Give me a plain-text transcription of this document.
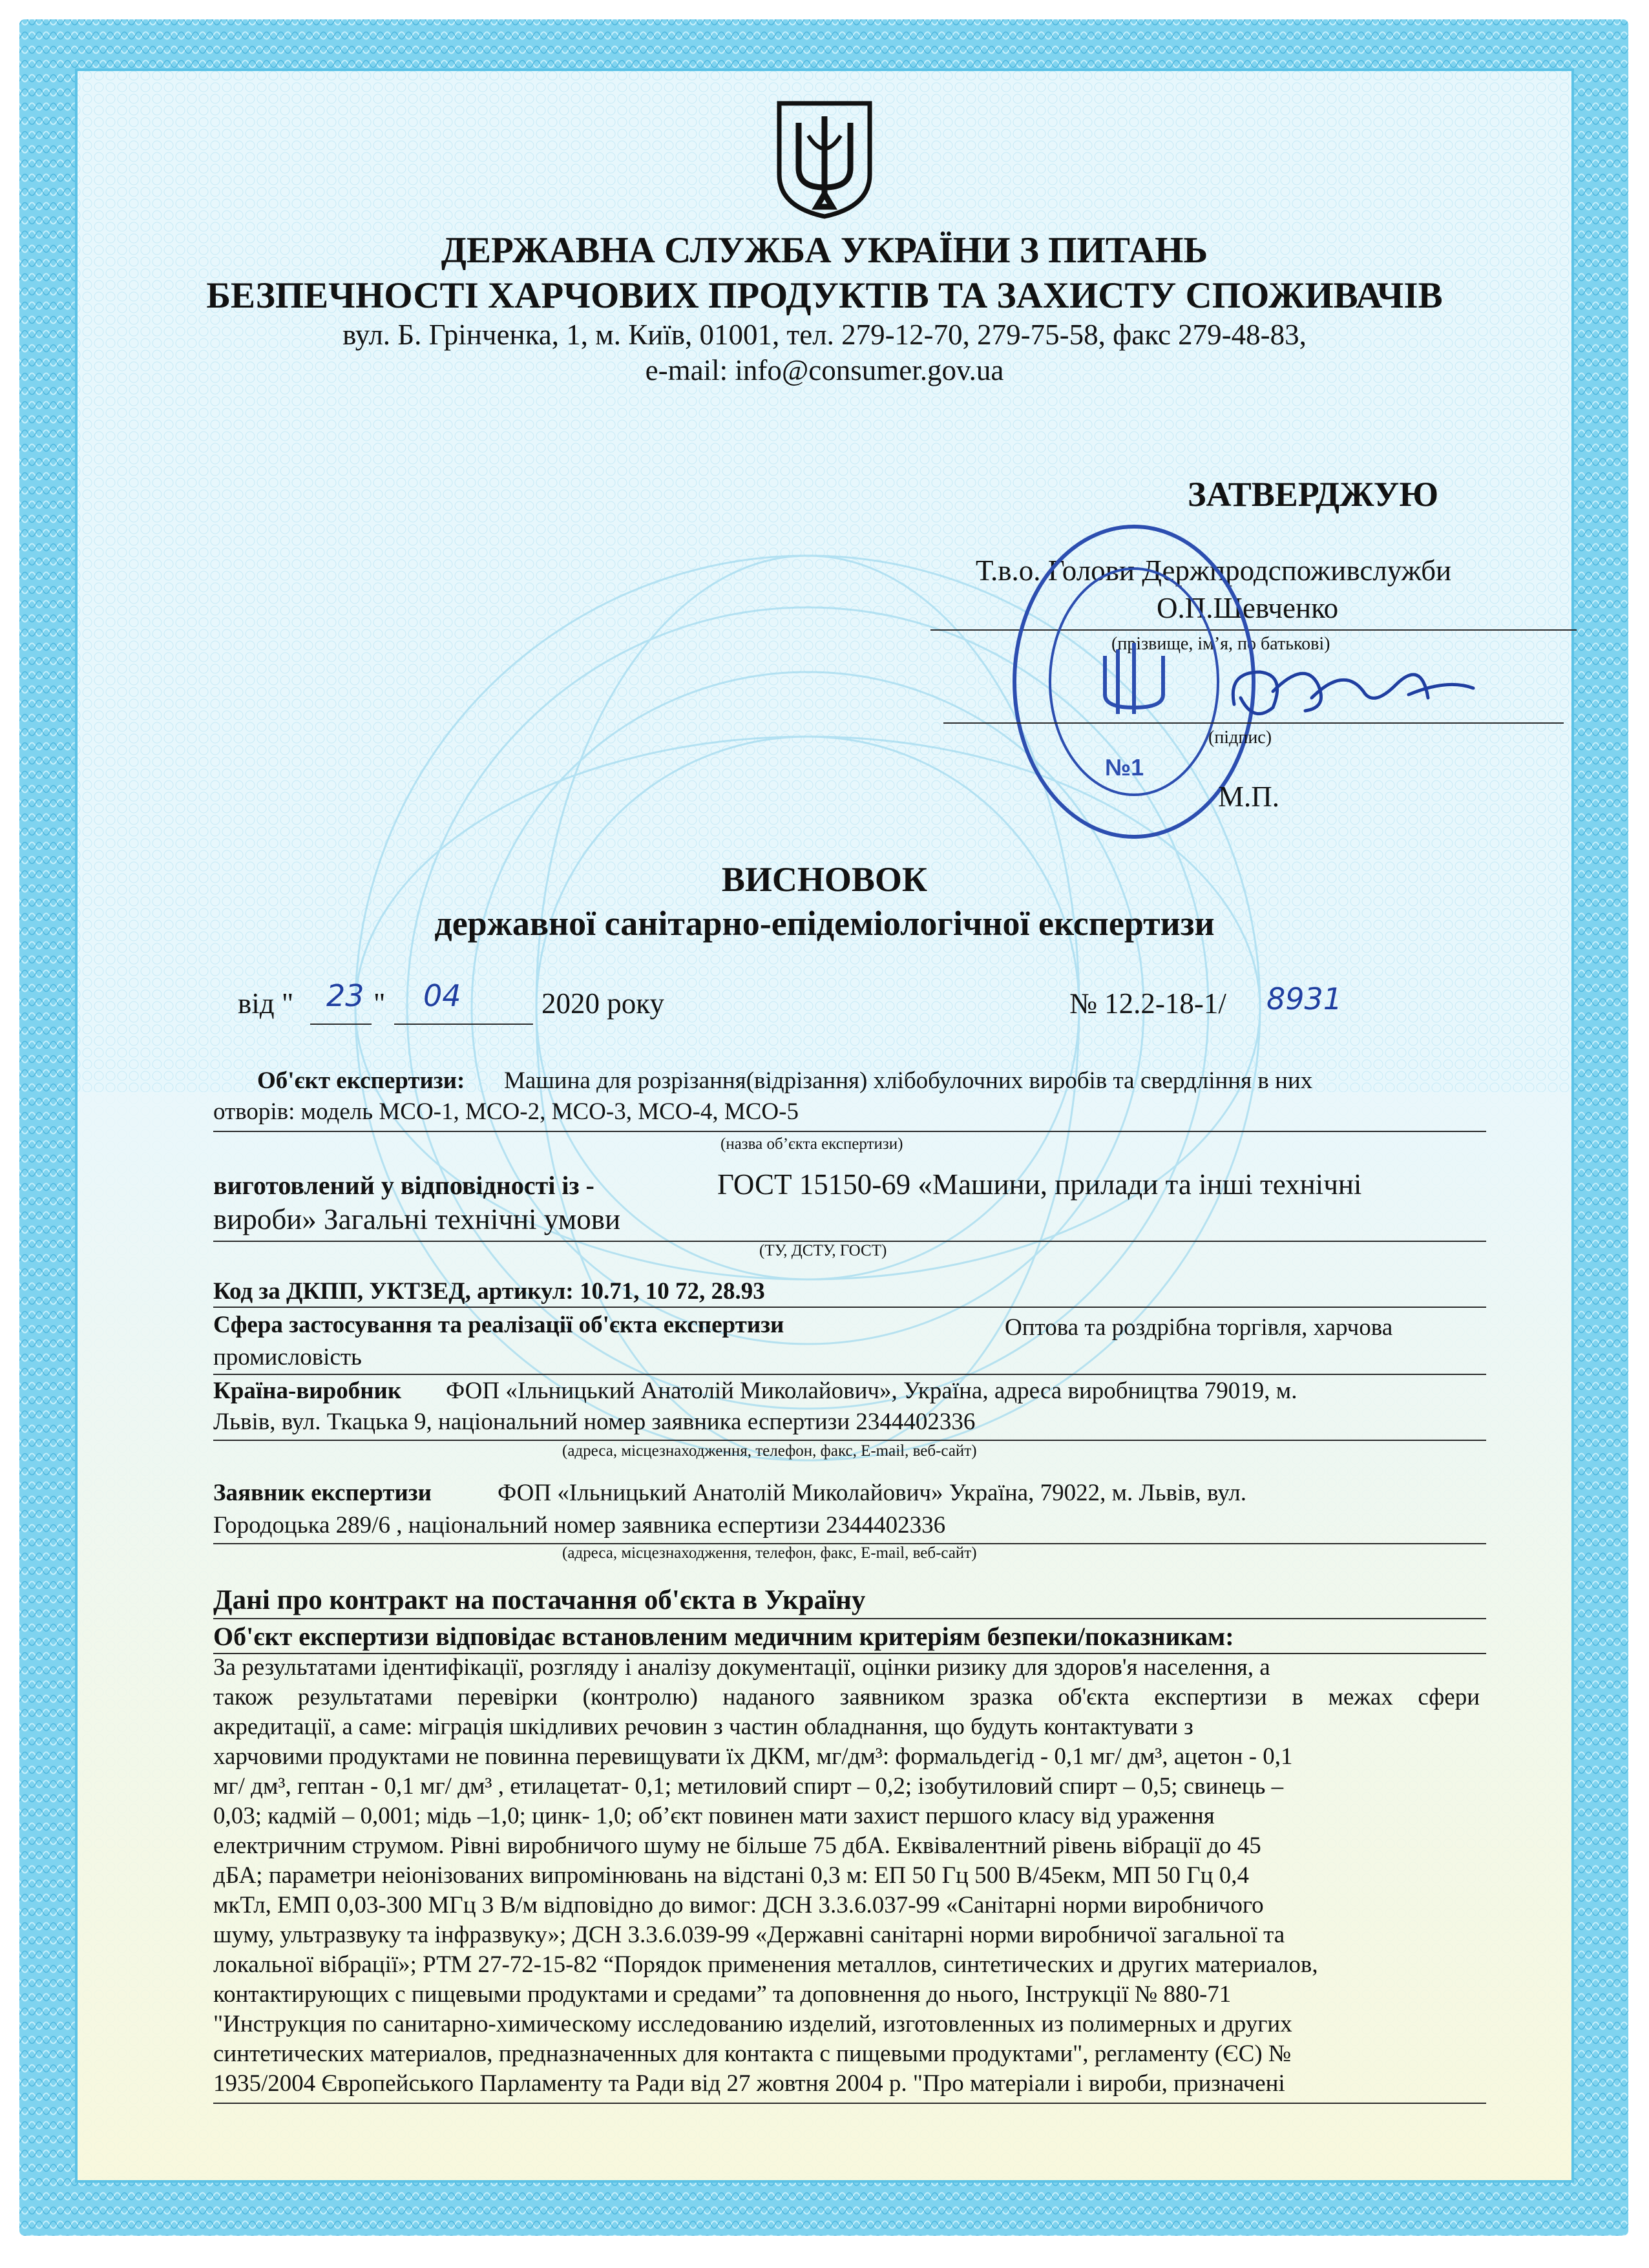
ДЕРЖАВНА СЛУЖБА УКРАЇНИ З ПИТАНЬ
БЕЗПЕЧНОСТІ ХАРЧОВИХ ПРОДУКТІВ ТА ЗАХИСТУ СПОЖИВАЧІВ
вул. Б. Грінченка, 1, м. Київ, 01001, тел. 279-12-70, 279-75-58, факс 279-48-83,
e-mail: info@consumer.gov.ua
ЗАТВЕРДЖУЮ
Т.в.о. Голови Держпродспоживслужби
О.П.Шевченко
(прізвище, ім’я, по батькові)
№1
(підпис)
М.П.
ВИСНОВОК
державної санітарно-епідеміологічної експертизи
від " 23 " 04	2020 року	№ 12.2-18-1/ 8931
Об'єкт експертизи: Машина для розрізання(відрізання) хлібобулочних виробів та свердління в них
отворів: модель МСО-1, МСО-2, МСО-3, МСО-4, МСО-5
(назва об’єкта експертизи)
виготовлений у відповідності із -	ГОСТ 15150-69 «Машини, прилади та інші технічні
вироби» Загальні технічні умови
(ТУ, ДСТУ, ГОСТ)
Код за ДКПП, УКТЗЕД, артикул: 10.71, 10 72, 28.93
Сфера застосування та реалізації об'єкта експертизи	Оптова та роздрібна торгівля, харчова
промисловість
Країна-виробник ФОП «Ільницький Анатолій Миколайович», Україна, адреса виробництва 79019, м.
Львів, вул. Ткацька 9, національний номер заявника еспертизи 2344402336
(адреса, місцезнаходження, телефон, факс, E-mail, веб-сайт)
Заявник експертизи	ФОП «Ільницький Анатолій Миколайович» Україна, 79022, м. Львів, вул.
Городоцька 289/6 , національний номер заявника еспертизи 2344402336
(адреса, місцезнаходження, телефон, факс, E-mail, веб-сайт)
Дані про контракт на постачання об'єкта в Україну
Об'єкт експертизи відповідає встановленим медичним критеріям безпеки/показникам:
За результатами ідентифікації, розгляду і аналізу документації, оцінки ризику для здоров'я населення, а
також результатами перевірки (контролю) наданого заявником зразка об'єкта експертизи в межах сфери
акредитації, а саме: міграція шкідливих речовин з частин обладнання, що будуть контактувати з
харчовими продуктами не повинна перевищувати їх ДКМ, мг/дм³: формальдегід - 0,1 мг/ дм³, ацетон - 0,1
мг/ дм³, гептан - 0,1 мг/ дм³ , етилацетат- 0,1; метиловий спирт – 0,2; ізобутиловий спирт – 0,5; свинець –
0,03; кадмій – 0,001; мідь –1,0; цинк- 1,0; об’єкт повинен мати захист першого класу від ураження
електричним струмом. Рівні виробничого шуму не більше 75 дбА. Еквівалентний рівень вібрації до 45
дБА; параметри неіонізованих випромінювань на відстані 0,3 м: ЕП 50 Гц 500 В/45екм, МП 50 Гц 0,4
мкТл, ЕМП 0,03-300 МГц 3 В/м відповідно до вимог: ДСН 3.3.6.037-99 «Санітарні норми виробничого
шуму, ультразвуку та інфразвуку»; ДСН 3.3.6.039-99 «Державні санітарні норми виробничої загальної та
локальної вібрації»; РТМ 27-72-15-82 “Порядок применения металлов, синтетических и других материалов,
контактирующих с пищевыми продуктами и средами” та доповнення до нього, Інструкції № 880-71
"Инструкция по санитарно-химическому исследованию изделий, изготовленных из полимерных и других
синтетических материалов, предназначенных для контакта с пищевыми продуктами", регламенту (ЄС) №
1935/2004 Європейського Парламенту та Ради від 27 жовтня 2004 р. "Про матеріали і вироби, призначені
